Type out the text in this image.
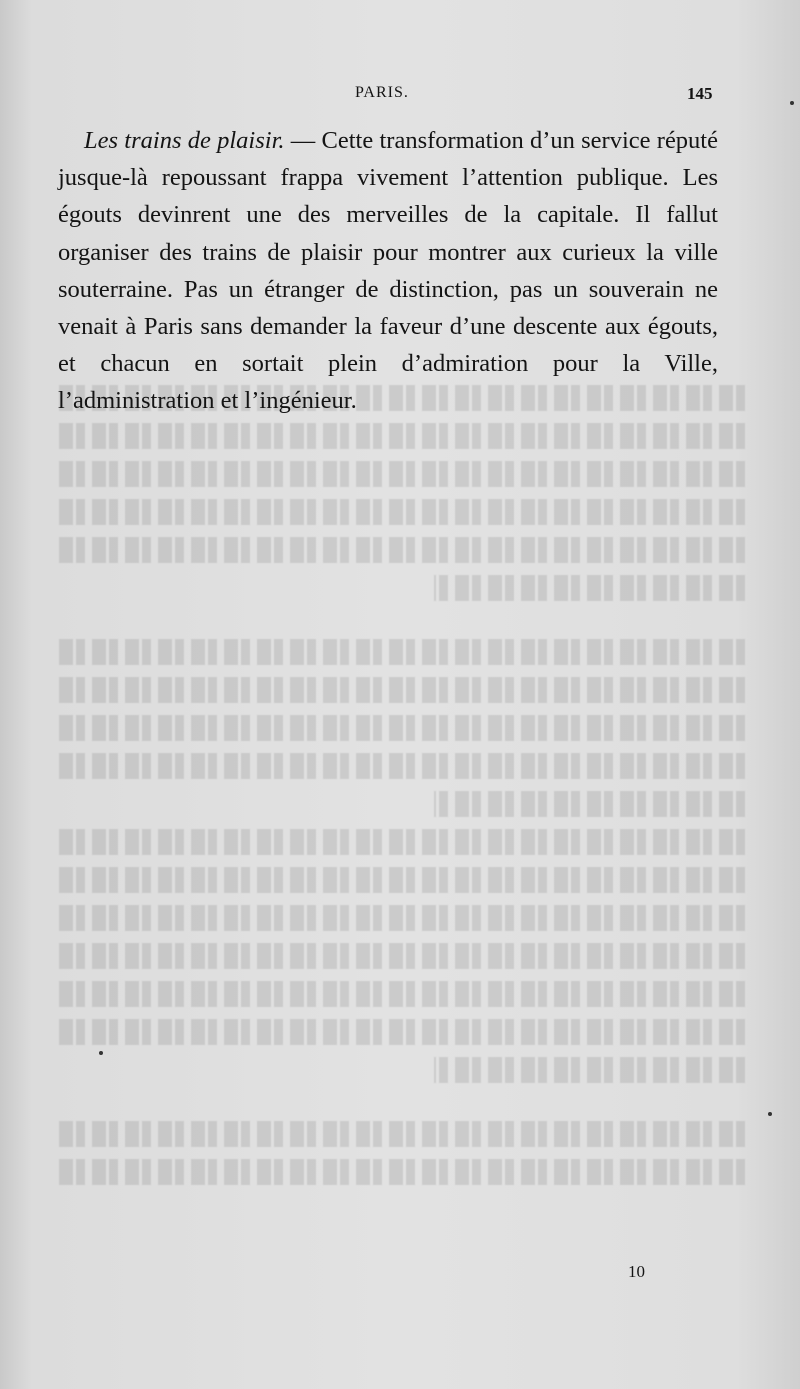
PARIS.	145

Les trains de plaisir. — Cette transformation d’un service réputé jusque-là repoussant frappa vivement l’attention publique. Les égouts devinrent une des merveilles de la capitale. Il fallut organiser des trains de plaisir pour montrer aux curieux la ville souterraine. Pas un étranger de distinction, pas un souverain ne venait à Paris sans demander la faveur d’une descente aux égouts, et chacun en sortait plein d’admiration pour la Ville, l’administration et l’ingénieur.

10
